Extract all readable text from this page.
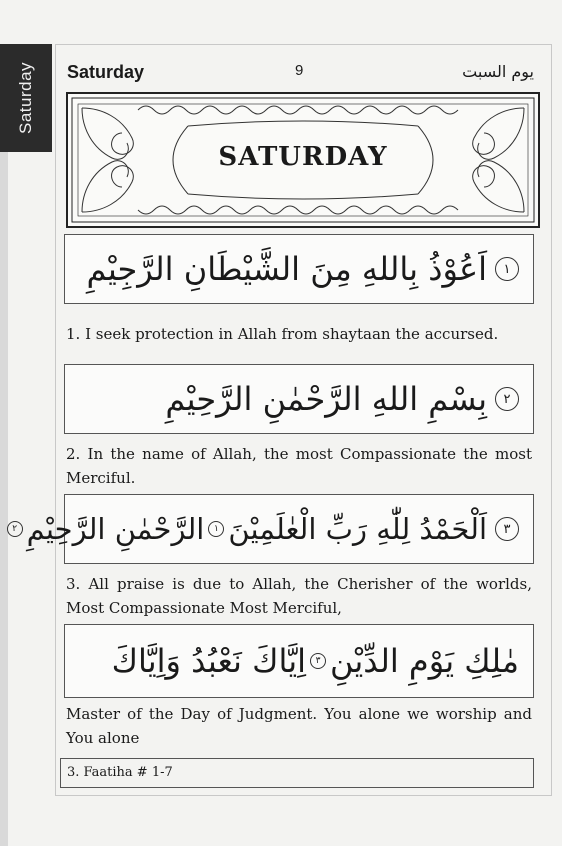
Saturday Saturday	9	يوم السبت
SATURDAY
١
اَعُوْذُ بِاللهِ مِنَ الشَّيْطَانِ الرَّجِيْمِ
1. I seek protection in Allah from shaytaan the accursed.
٢
بِسْمِ اللهِ الرَّحْمٰنِ الرَّحِيْمِ
2. In the name of Allah, the most Compassionate the most Merciful.
٣
اَلْحَمْدُ لِلّٰهِ رَبِّ الْعٰلَمِيْنَ
١
الرَّحْمٰنِ الرَّحِيْمِ
٢
3. All praise is due to Allah, the Cherisher of the worlds, Most Compassionate Most Merciful,
مٰلِكِ يَوْمِ الدِّيْنِ
٣
اِيَّاكَ نَعْبُدُ وَاِيَّاكَ
Master of the Day of Judgment. You alone we worship and You alone
3. Faatiha # 1-7
